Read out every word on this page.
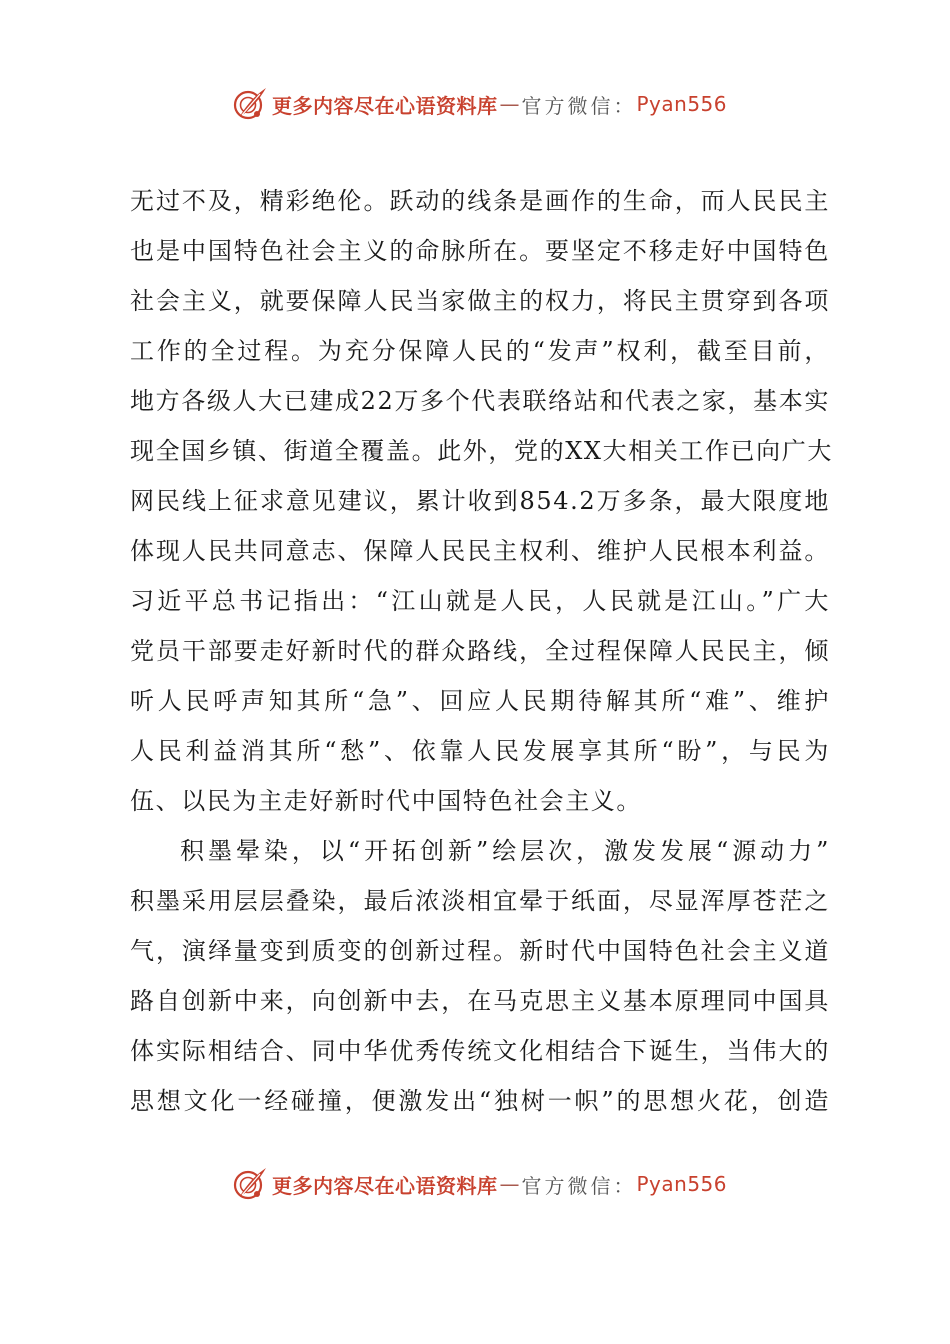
更多内容尽在心语资料库 — 官方微信： Pyan556
无过不及，精彩绝伦。跃动的线条是画作的生命，而人民民主
也是中国特色社会主义的命脉所在。要坚定不移走好中国特色
社会主义，就要保障人民当家做主的权力，将民主贯穿到各项
工作的全过程。为充分保障人民的“发声”权利，截至目前，
地方各级人大已建成22万多个代表联络站和代表之家，基本实
现全国乡镇、街道全覆盖。此外，党的XX大相关工作已向广大
网民线上征求意见建议，累计收到854.2万多条，最大限度地
体现人民共同意志、保障人民民主权利、维护人民根本利益。
习近平总书记指出：“江山就是人民，人民就是江山。”广大
党员干部要走好新时代的群众路线，全过程保障人民民主，倾
听人民呼声知其所“急”、回应人民期待解其所“难”、维护
人民利益消其所“愁”、依靠人民发展享其所“盼”，与民为
伍、以民为主走好新时代中国特色社会主义。
积墨晕染，以“开拓创新”绘层次，激发发展“源动力”
积墨采用层层叠染，最后浓淡相宜晕于纸面，尽显浑厚苍茫之
气，演绎量变到质变的创新过程。新时代中国特色社会主义道
路自创新中来，向创新中去，在马克思主义基本原理同中国具
体实际相结合、同中华优秀传统文化相结合下诞生，当伟大的
思想文化一经碰撞，便激发出“独树一帜”的思想火花，创造
更多内容尽在心语资料库 — 官方微信： Pyan556
